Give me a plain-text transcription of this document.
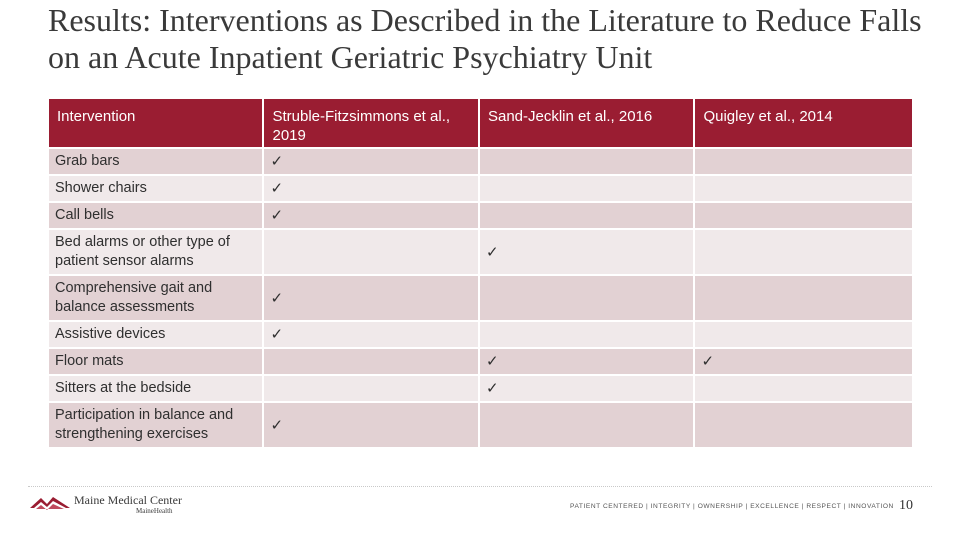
Results: Interventions as Described in the Literature to Reduce Falls on an Acute Inpatient Geriatric Psychiatry Unit
Intervention	Struble-Fitzsimmons et al., 2019	Sand-Jecklin et al., 2016	Quigley et al., 2014
Grab bars	✓		
Shower chairs	✓		
Call bells	✓		
Bed alarms or other type of patient sensor alarms		✓	
Comprehensive gait and balance assessments	✓		
Assistive devices	✓		
Floor mats		✓	✓
Sitters at the bedside		✓	
Participation in balance and strengthening exercises	✓		
Maine Medical Center
MaineHealth
PATIENT CENTERED | INTEGRITY | OWNERSHIP | EXCELLENCE | RESPECT | INNOVATION 10
